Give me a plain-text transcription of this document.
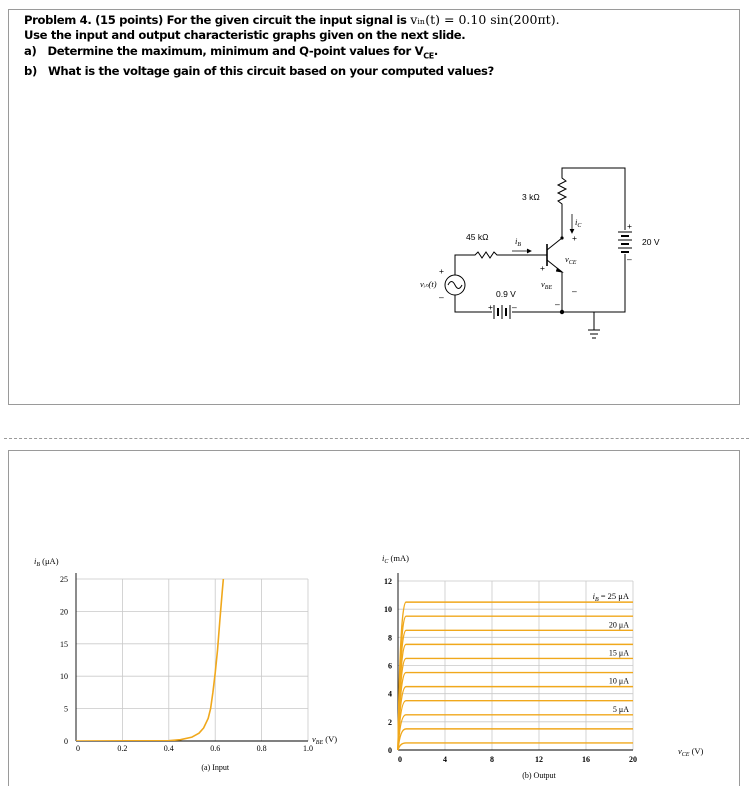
Problem 4. (15 points) For the given circuit the input signal is vᵢₙ(t) = 0.10 sin(200πt).
Use the input and output characteristic graphs given on the next slide.
a) Determine the maximum, minimum and Q-point values for $V_{CE}$.
b) What is the voltage gain of this circuit based on your computed values?
3 kΩ
45 kΩ
0.9 V
20 V
vᵢₙ(t)
$i_B$
$i_C$
$v_{CE}$
$v_{BE}$
+
–
+
–
+
–
+ –
+
–
0	0.2	0.4	0.6	0.8	1.0
0
5
10
15
20
25
$i_B$ (μA)
$v_{BE}$ (V)
(a) Input
0	4	8	12	16	20
0
2
4
6
8
10
12
$i_B = 25$ μA
20 μA
15 μA
10 μA
5 μA
$i_C$ (mA)
$v_{CE}$ (V)
(b) Output
